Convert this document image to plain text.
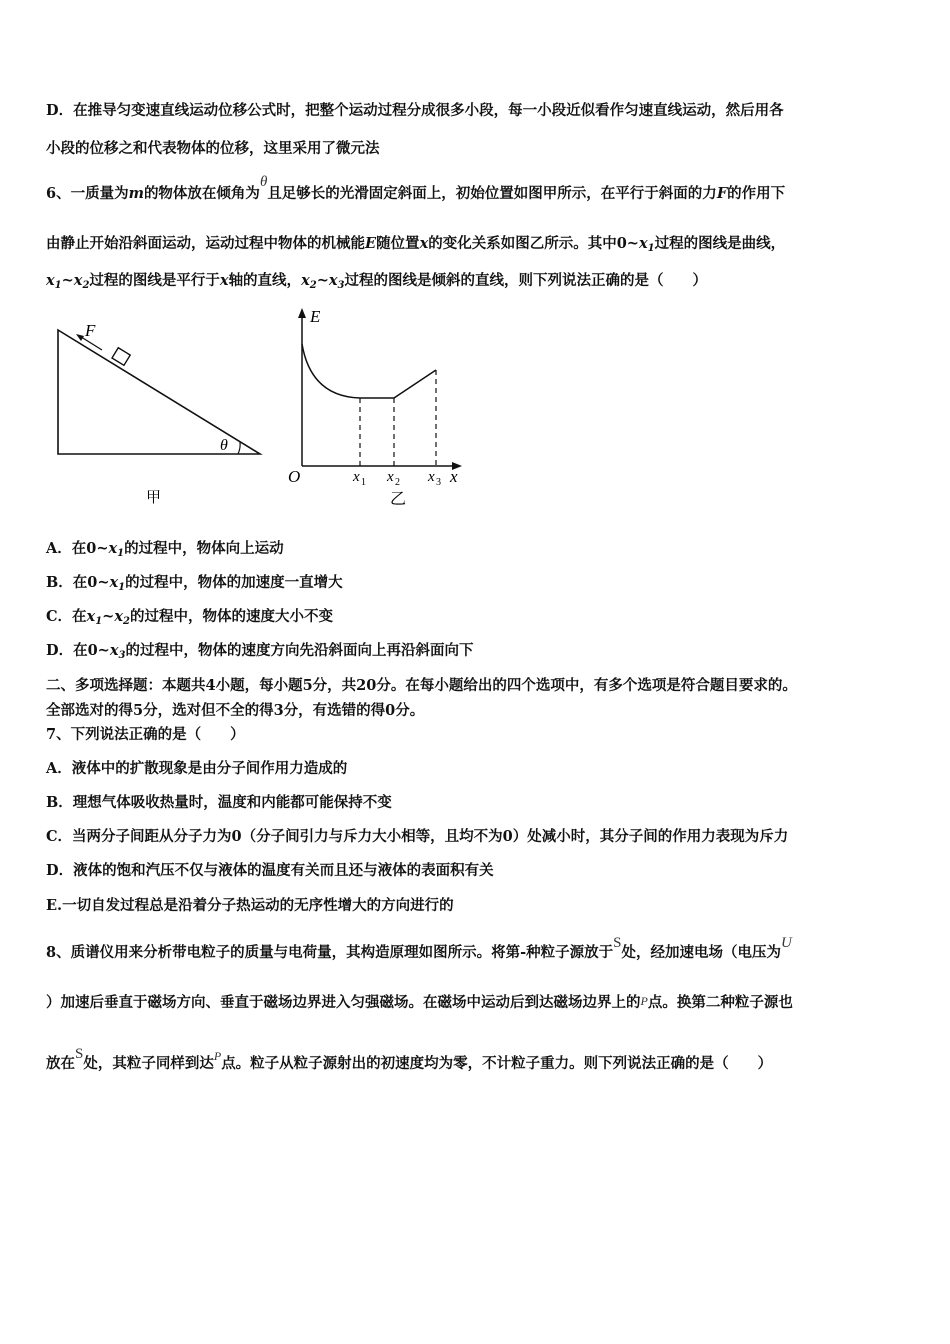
D．在推导匀变速直线运动位移公式时，把整个运动过程分成很多小段，每一小段近似看作匀速直线运动，然后用各
小段的位移之和代表物体的位移，这里采用了微元法
6、一质量为m的物体放在倾角为θ且足够长的光滑固定斜面上，初始位置如图甲所示，在平行于斜面的力F的作用下
由静止开始沿斜面运动，运动过程中物体的机械能E随位置x的变化关系如图乙所示。其中$0\sim x_1$过程的图线是曲线，
$x_1\sim x_2$过程的图线是平行于x轴的直线，$x_2\sim x_3$过程的图线是倾斜的直线，则下列说法正确的是（　　）
F
θ
甲
E
O	x
x 1 x 2 x 3
乙
A．在$0\sim x_1$的过程中，物体向上运动
B．在$0\sim x_1$的过程中，物体的加速度一直增大
C．在$x_1\sim x_2$的过程中，物体的速度大小不变
D．在$0\sim x_3$的过程中，物体的速度方向先沿斜面向上再沿斜面向下
二、多项选择题：本题共4小题，每小题5分，共20分。在每小题给出的四个选项中，有多个选项是符合题目要求的。
全部选对的得5分，选对但不全的得3分，有选错的得0分。
7、下列说法正确的是（　　）
A．液体中的扩散现象是由分子间作用力造成的
B．理想气体吸收热量时，温度和内能都可能保持不变
C．当两分子间距从分子力为0（分子间引力与斥力大小相等，且均不为0）处减小时，其分子间的作用力表现为斥力
D．液体的饱和汽压不仅与液体的温度有关而且还与液体的表面积有关
E.一切自发过程总是沿着分子热运动的无序性增大的方向进行的
8、质谱仪用来分析带电粒子的质量与电荷量，其构造原理如图所示。将第-种粒子源放于S处，经加速电场（电压为U
）加速后垂直于磁场方向、垂直于磁场边界进入匀强磁场。在磁场中运动后到达磁场边界上的P点。换第二种粒子源也
放在S处，其粒子同样到达$^P$点。粒子从粒子源射出的初速度均为零，不计粒子重力。则下列说法正确的是（　　）
